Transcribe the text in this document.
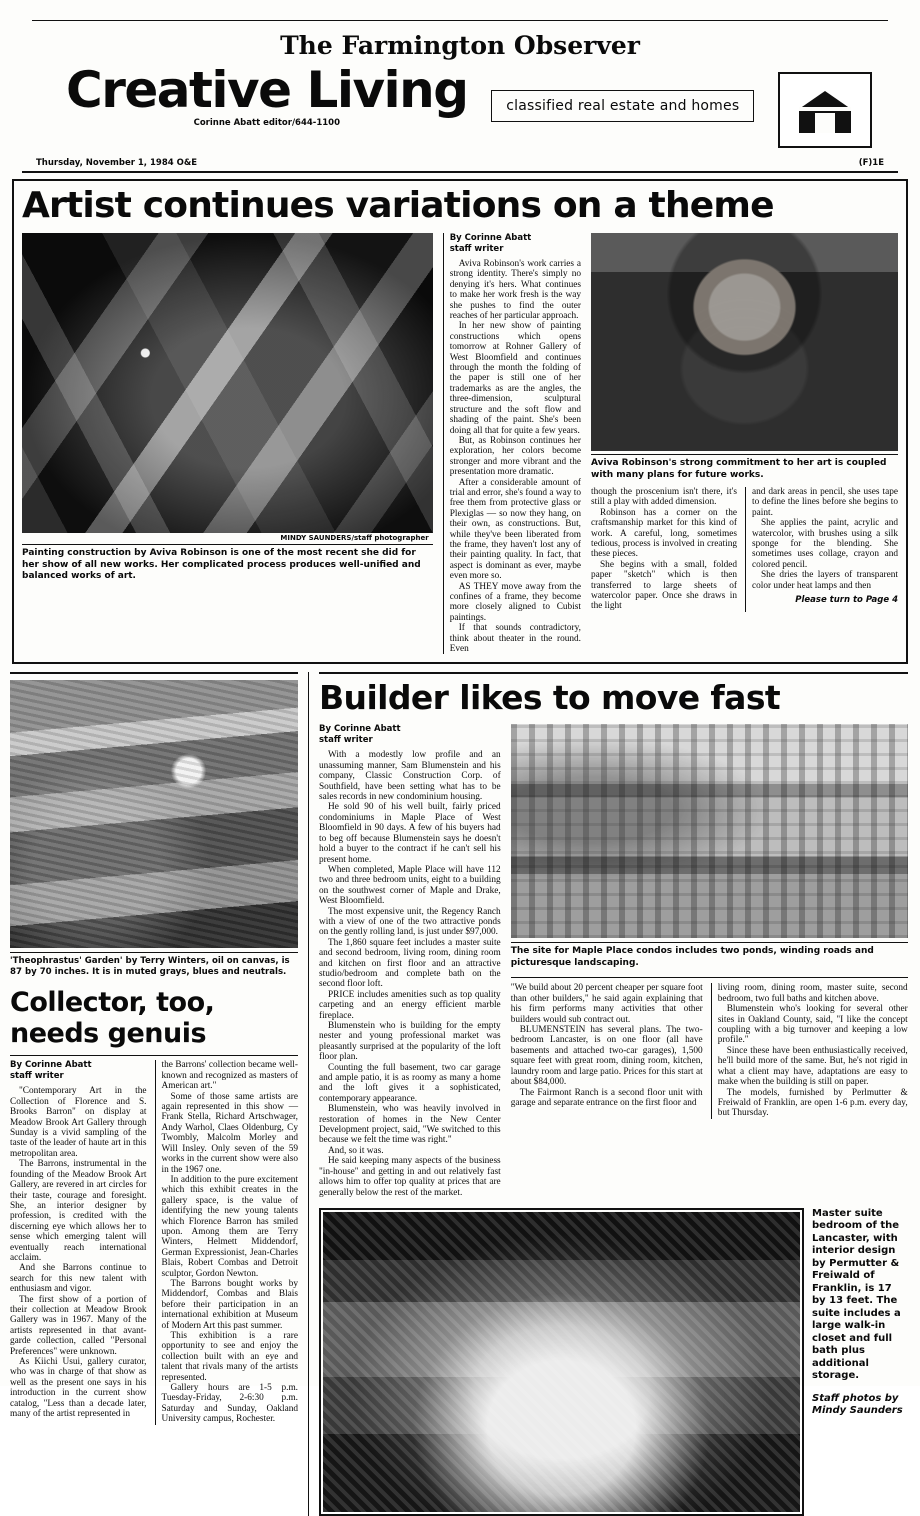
The Farmington Observer
Creative Living
Corinne Abatt editor/644-1100
classified real estate and homes
Thursday, November 1, 1984 O&E	(F)1E
Artist continues variations on a theme
MINDY SAUNDERS/staff photographer
Painting construction by Aviva Robinson is one of the most recent she did for her show of all new works. Her complicated process produces well-unified and balanced works of art.
By Corinne Abatt
staff writer

Aviva Robinson's work carries a strong identity. There's simply no denying it's hers. What continues to make her work fresh is the way she pushes to find the outer reaches of her particular approach.

In her new show of painting constructions which opens tomorrow at Rohner Gallery of West Bloomfield and continues through the month the folding of the paper is still one of her trademarks as are the angles, the three-dimension, sculptural structure and the soft flow and shading of the paint. She's been doing all that for quite a few years.

But, as Robinson continues her exploration, her colors become stronger and more vibrant and the presentation more dramatic.

After a considerable amount of trial and error, she's found a way to free them from protective glass or Plexiglas — so now they hang, on their own, as constructions. But, while they've been liberated from the frame, they haven't lost any of their painting quality. In fact, that aspect is dominant as ever, maybe even more so.

AS THEY move away from the confines of a frame, they become more closely aligned to Cubist paintings.

If that sounds contradictory, think about theater in the round. Even

Aviva Robinson's strong commitment to her art is coupled with many plans for future works.

though the proscenium isn't there, it's still a play with added dimension.

Robinson has a corner on the craftsmanship market for this kind of work. A careful, long, sometimes tedious, process is involved in creating these pieces.

She begins with a small, folded paper "sketch" which is then transferred to large sheets of watercolor paper. Once she draws in the light

and dark areas in pencil, she uses tape to define the lines before she begins to paint.

She applies the paint, acrylic and watercolor, with brushes using a silk sponge for the blending. She sometimes uses collage, crayon and colored pencil.

She dries the layers of transparent color under heat lamps and then

Please turn to Page 4
'Theophrastus' Garden' by Terry Winters, oil on canvas, is 87 by 70 inches. It is in muted grays, blues and neutrals.
Collector, too,
needs genuis
By Corinne Abatt
staff writer

"Contemporary Art in the Collection of Florence and S. Brooks Barron" on display at Meadow Brook Art Gallery through Sunday is a vivid sampling of the taste of the leader of haute art in this metropolitan area.

The Barrons, instrumental in the founding of the Meadow Brook Art Gallery, are revered in art circles for their taste, courage and foresight. She, an interior designer by profession, is credited with the discerning eye which allows her to sense which emerging talent will eventually reach international acclaim.

And she Barrons continue to search for this new talent with enthusiasm and vigor.

The first show of a portion of their collection at Meadow Brook Gallery was in 1967. Many of the artists represented in that avant-garde collection, called "Personal Preferences" were unknown.

As Kiichi Usui, gallery curator, who was in charge of that show as well as the present one says in his introduction in the current show catalog, "Less than a decade later, many of the artist represented in

the Barrons' collection became well-known and recognized as masters of American art."

Some of those same artists are again represented in this show — Frank Stella, Richard Artschwager, Andy Warhol, Claes Oldenburg, Cy Twombly, Malcolm Morley and Will Insley. Only seven of the 59 works in the current show were also in the 1967 one.

In addition to the pure excitement which this exhibit creates in the gallery space, is the value of identifying the new young talents which Florence Barron has smiled upon. Among them are Terry Winters, Helmett Middendorf, German Expressionist, Jean-Charles Blais, Robert Combas and Detroit sculptor, Gordon Newton.

The Barrons bought works by Middendorf, Combas and Blais before their participation in an international exhibition at Museum of Modern Art this past summer.

This exhibition is a rare opportunity to see and enjoy the collection built with an eye and talent that rivals many of the artists represented.

Gallery hours are 1-5 p.m. Tuesday-Friday, 2-6:30 p.m. Saturday and Sunday, Oakland University campus, Rochester.

Builder likes to move fast
By Corinne Abatt
staff writer

With a modestly low profile and an unassuming manner, Sam Blumenstein and his company, Classic Construction Corp. of Southfield, have been setting what has to be sales records in new condominium housing.

He sold 90 of his well built, fairly priced condominiums in Maple Place of West Bloomfield in 90 days. A few of his buyers had to beg off because Blumenstein says he doesn't hold a buyer to the contract if he can't sell his present home.

When completed, Maple Place will have 112 two and three bedroom units, eight to a building on the southwest corner of Maple and Drake, West Bloomfield.

The most expensive unit, the Regency Ranch with a view of one of the two attractive ponds on the gently rolling land, is just under $97,000.

The 1,860 square feet includes a master suite and second bedroom, living room, dining room and kitchen on first floor and an attractive studio/bedroom and complete bath on the second floor loft.

PRICE includes amenities such as top quality carpeting and an energy efficient marble fireplace.

Blumenstein who is building for the empty nester and young professional market was pleasantly surprised at the popularity of the loft floor plan.

Counting the full basement, two car garage and ample patio, it is as roomy as many a home and the loft gives it a sophisticated, contemporary appearance.

Blumenstein, who was heavily involved in restoration of homes in the New Center Development project, said, "We switched to this because we felt the time was right."

And, so it was.

He said keeping many aspects of the business "in-house" and getting in and out relatively fast allows him to offer top quality at prices that are generally below the rest of the market.

The site for Maple Place condos includes two ponds, winding roads and picturesque landscaping.

"We build about 20 percent cheaper per square foot than other builders," he said again explaining that his firm performs many activities that other builders would sub contract out.

BLUMENSTEIN has several plans. The two-bedroom Lancaster, is on one floor (all have basements and attached two-car garages), 1,500 square feet with great room, dining room, kitchen, laundry room and large patio. Prices for this start at about $84,000.

The Fairmont Ranch is a second floor unit with garage and separate entrance on the first floor and

living room, dining room, master suite, second bedroom, two full baths and kitchen above.

Blumenstein who's looking for several other sites in Oakland County, said, "I like the concept coupling with a big turnover and keeping a low profile."

Since these have been enthusiastically received, he'll build more of the same. But, he's not rigid in what a client may have, adaptations are easy to make when the building is still on paper.

The models, furnished by Perlmutter & Freiwald of Franklin, are open 1-6 p.m. every day, but Thursday.

Master suite bedroom of the Lancaster, with interior design by Permutter & Freiwald of Franklin, is 17 by 13 feet. The suite includes a large walk-in closet and full bath plus additional storage.
Staff photos by Mindy Saunders
